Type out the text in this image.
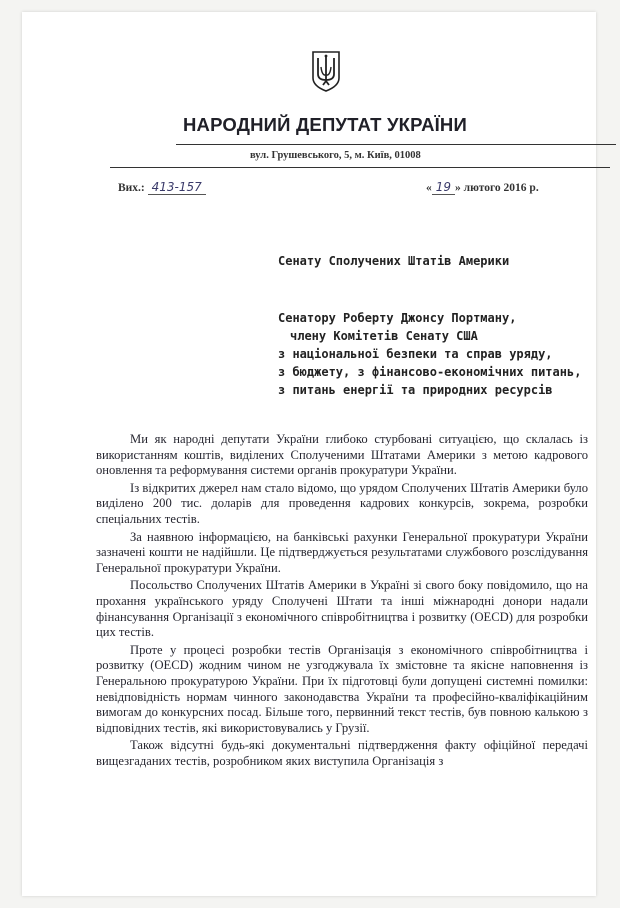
НАРОДНИЙ ДЕПУТАТ УКРАЇНИ
вул. Грушевського, 5, м. Київ, 01008
Вих.: 413-157	« 19 » лютого 2016 р.
Сенату Сполучених Штатів Америки
Сенатору Роберту Джонсу Портману,
члену Комітетів Сенату США
з національної безпеки та справ уряду,
з бюджету, з фінансово-економічних питань,
з питань енергії та природних ресурсів

Ми як народні депутати України глибоко стурбовані ситуацією, що склалась із використанням коштів, виділених Сполученими Штатами Америки з метою кадрового оновлення та реформування системи органів прокуратури України.

Із відкритих джерел нам стало відомо, що урядом Сполучених Штатів Америки було виділено 200 тис. доларів для проведення кадрових конкурсів, зокрема, розробки спеціальних тестів.

За наявною інформацією, на банківські рахунки Генеральної прокуратури України зазначені кошти не надійшли. Це підтверджується результатами службового розслідування Генеральної прокуратури України.

Посольство Сполучених Штатів Америки в Україні зі свого боку повідомило, що на прохання українського уряду Сполучені Штати та інші міжнародні донори надали фінансування Організації з економічного співробітництва і розвитку (OECD) для розробки цих тестів.

Проте у процесі розробки тестів Організація з економічного співробітництва і розвитку (OECD) жодним чином не узгоджувала їх змістовне та якісне наповнення із Генеральною прокуратурою України. При їх підготовці були допущені системні помилки: невідповідність нормам чинного законодавства України та професійно-кваліфікаційним вимогам до конкурсних посад. Більше того, первинний текст тестів, був повною калькою з відповідних тестів, які використовувались у Грузії.

Також відсутні будь-які документальні підтвердження факту офіційної передачі вищезгаданих тестів, розробником яких виступила Організація з
